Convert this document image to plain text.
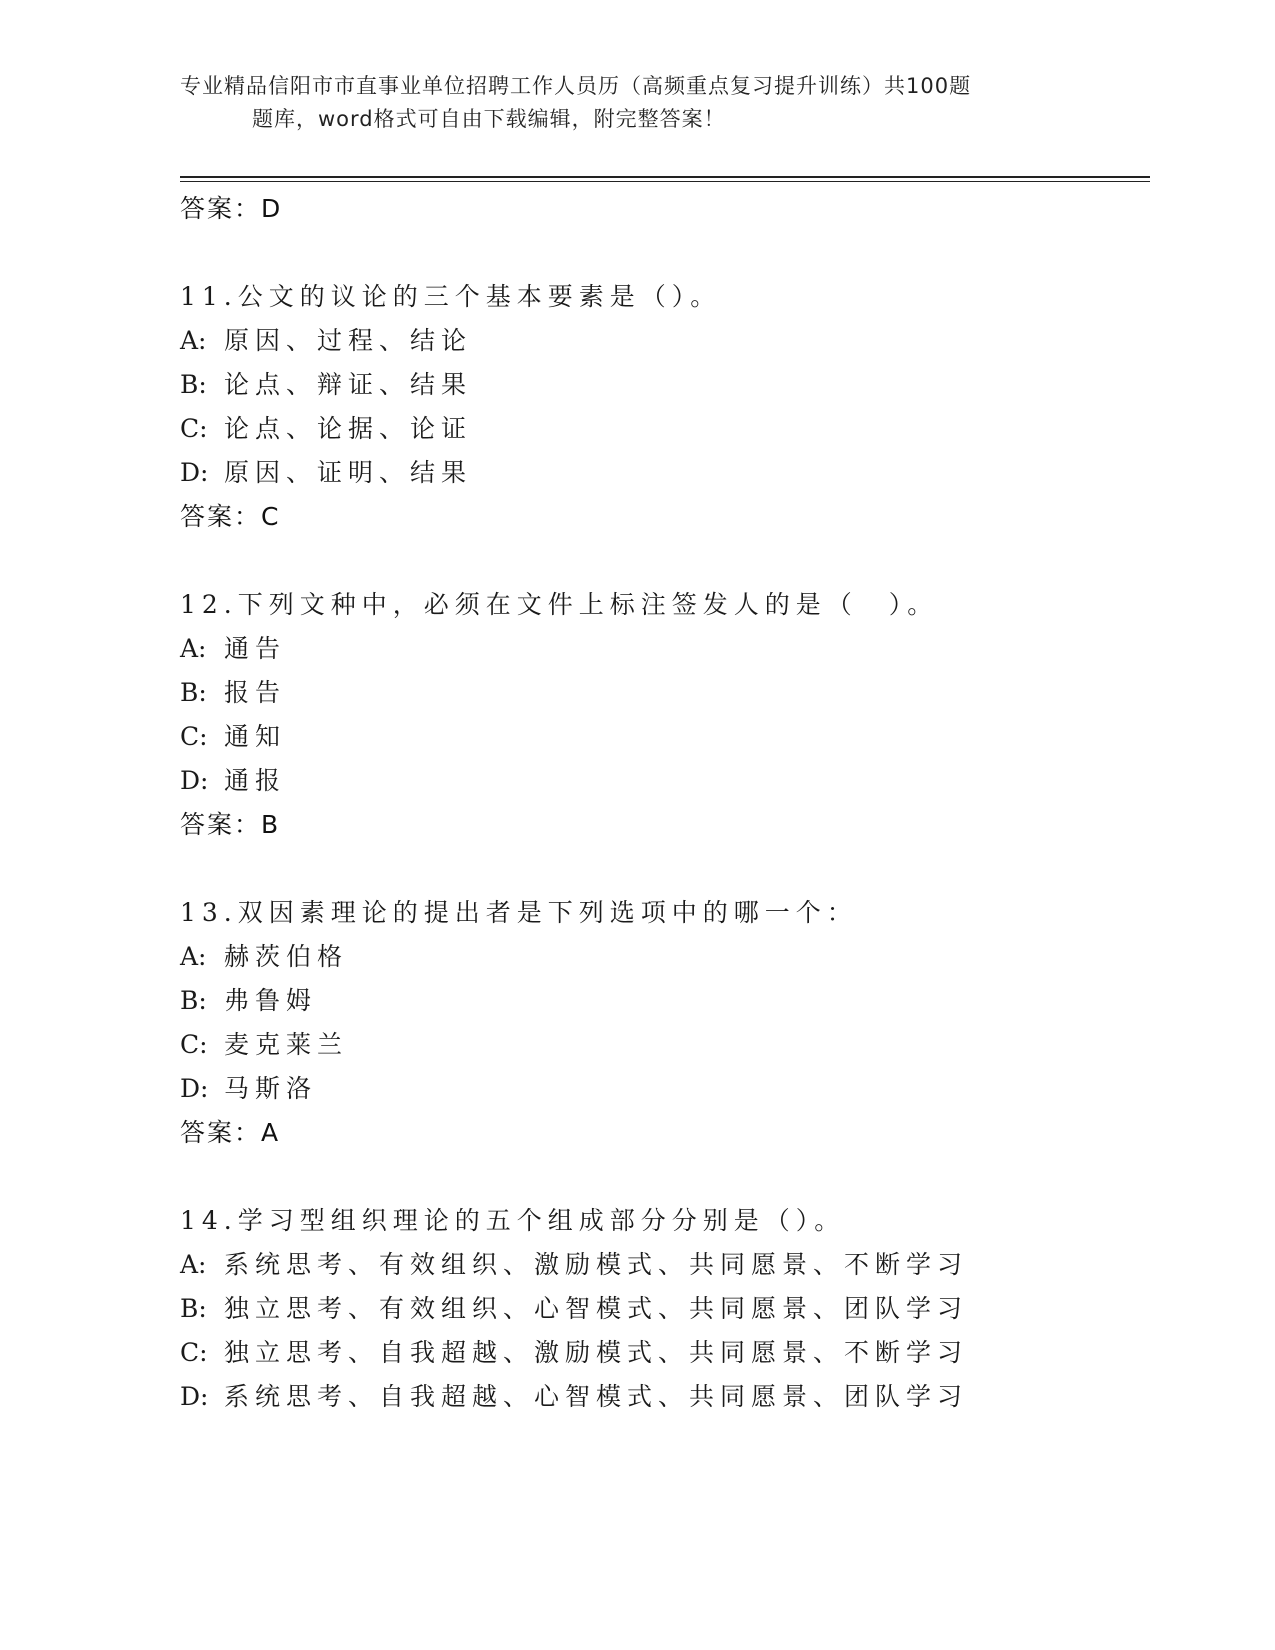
专业精品信阳市市直事业单位招聘工作人员历（高频重点复习提升训练）共100题
题库，word格式可自由下载编辑，附完整答案！
答案：D
11.公文的议论的三个基本要素是（）。
A: 原因、过程、结论
B: 论点、辩证、结果
C: 论点、论据、论证
D: 原因、证明、结果
答案：C
12.下列文种中，必须在文件上标注签发人的是（　）。
A: 通告
B: 报告
C: 通知
D: 通报
答案：B
13.双因素理论的提出者是下列选项中的哪一个：
A: 赫茨伯格
B: 弗鲁姆
C: 麦克莱兰
D: 马斯洛
答案：A
14.学习型组织理论的五个组成部分分别是（）。
A: 系统思考、有效组织、激励模式、共同愿景、不断学习
B: 独立思考、有效组织、心智模式、共同愿景、团队学习
C: 独立思考、自我超越、激励模式、共同愿景、不断学习
D: 系统思考、自我超越、心智模式、共同愿景、团队学习
